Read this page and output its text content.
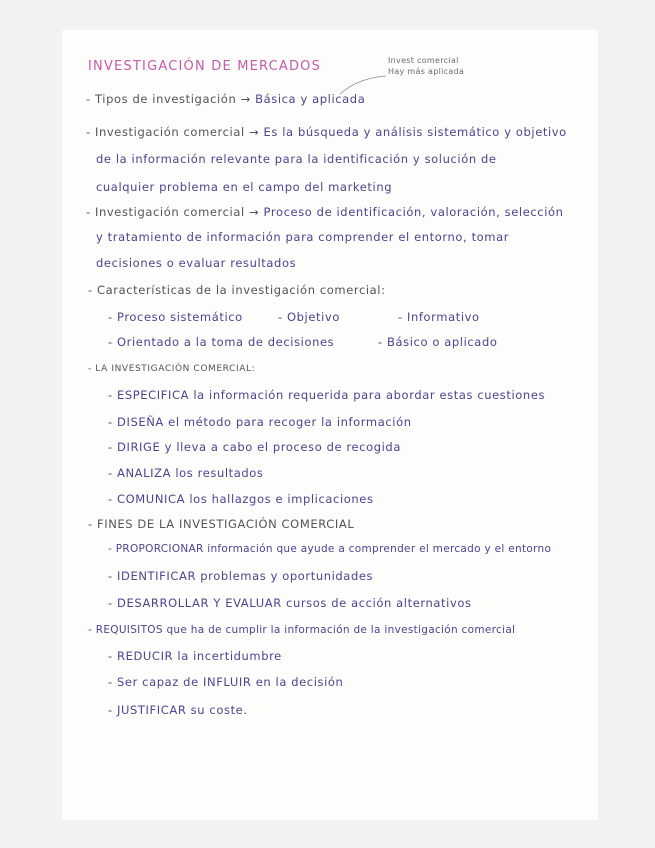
INVESTIGACIÓN DE MERCADOS	Invest comercial
Hay más aplicada
- Tipos de investigación → Básica y aplicada
- Investigación comercial → Es la búsqueda y análisis sistemático y objetivo
de la información relevante para la identificación y solución de
cualquier problema en el campo del marketing
- Investigación comercial → Proceso de identificación, valoración, selección
y tratamiento de información para comprender el entorno, tomar
decisiones o evaluar resultados
- Características de la investigación comercial:
- Proceso sistemático	- Objetivo	- Informativo
- Orientado a la toma de decisiones	- Básico o aplicado
- LA INVESTIGACIÓN COMERCIAL:
- ESPECIFICA la información requerida para abordar estas cuestiones
- DISEÑA el método para recoger la información
- DIRIGE y lleva a cabo el proceso de recogida
- ANALIZA los resultados
- COMUNICA los hallazgos e implicaciones
- FINES DE LA INVESTIGACIÓN COMERCIAL
- PROPORCIONAR información que ayude a comprender el mercado y el entorno
- IDENTIFICAR problemas y oportunidades
- DESARROLLAR Y EVALUAR cursos de acción alternativos
- REQUISITOS que ha de cumplir la información de la investigación comercial
- REDUCIR la incertidumbre
- Ser capaz de INFLUIR en la decisión
- JUSTIFICAR su coste.
